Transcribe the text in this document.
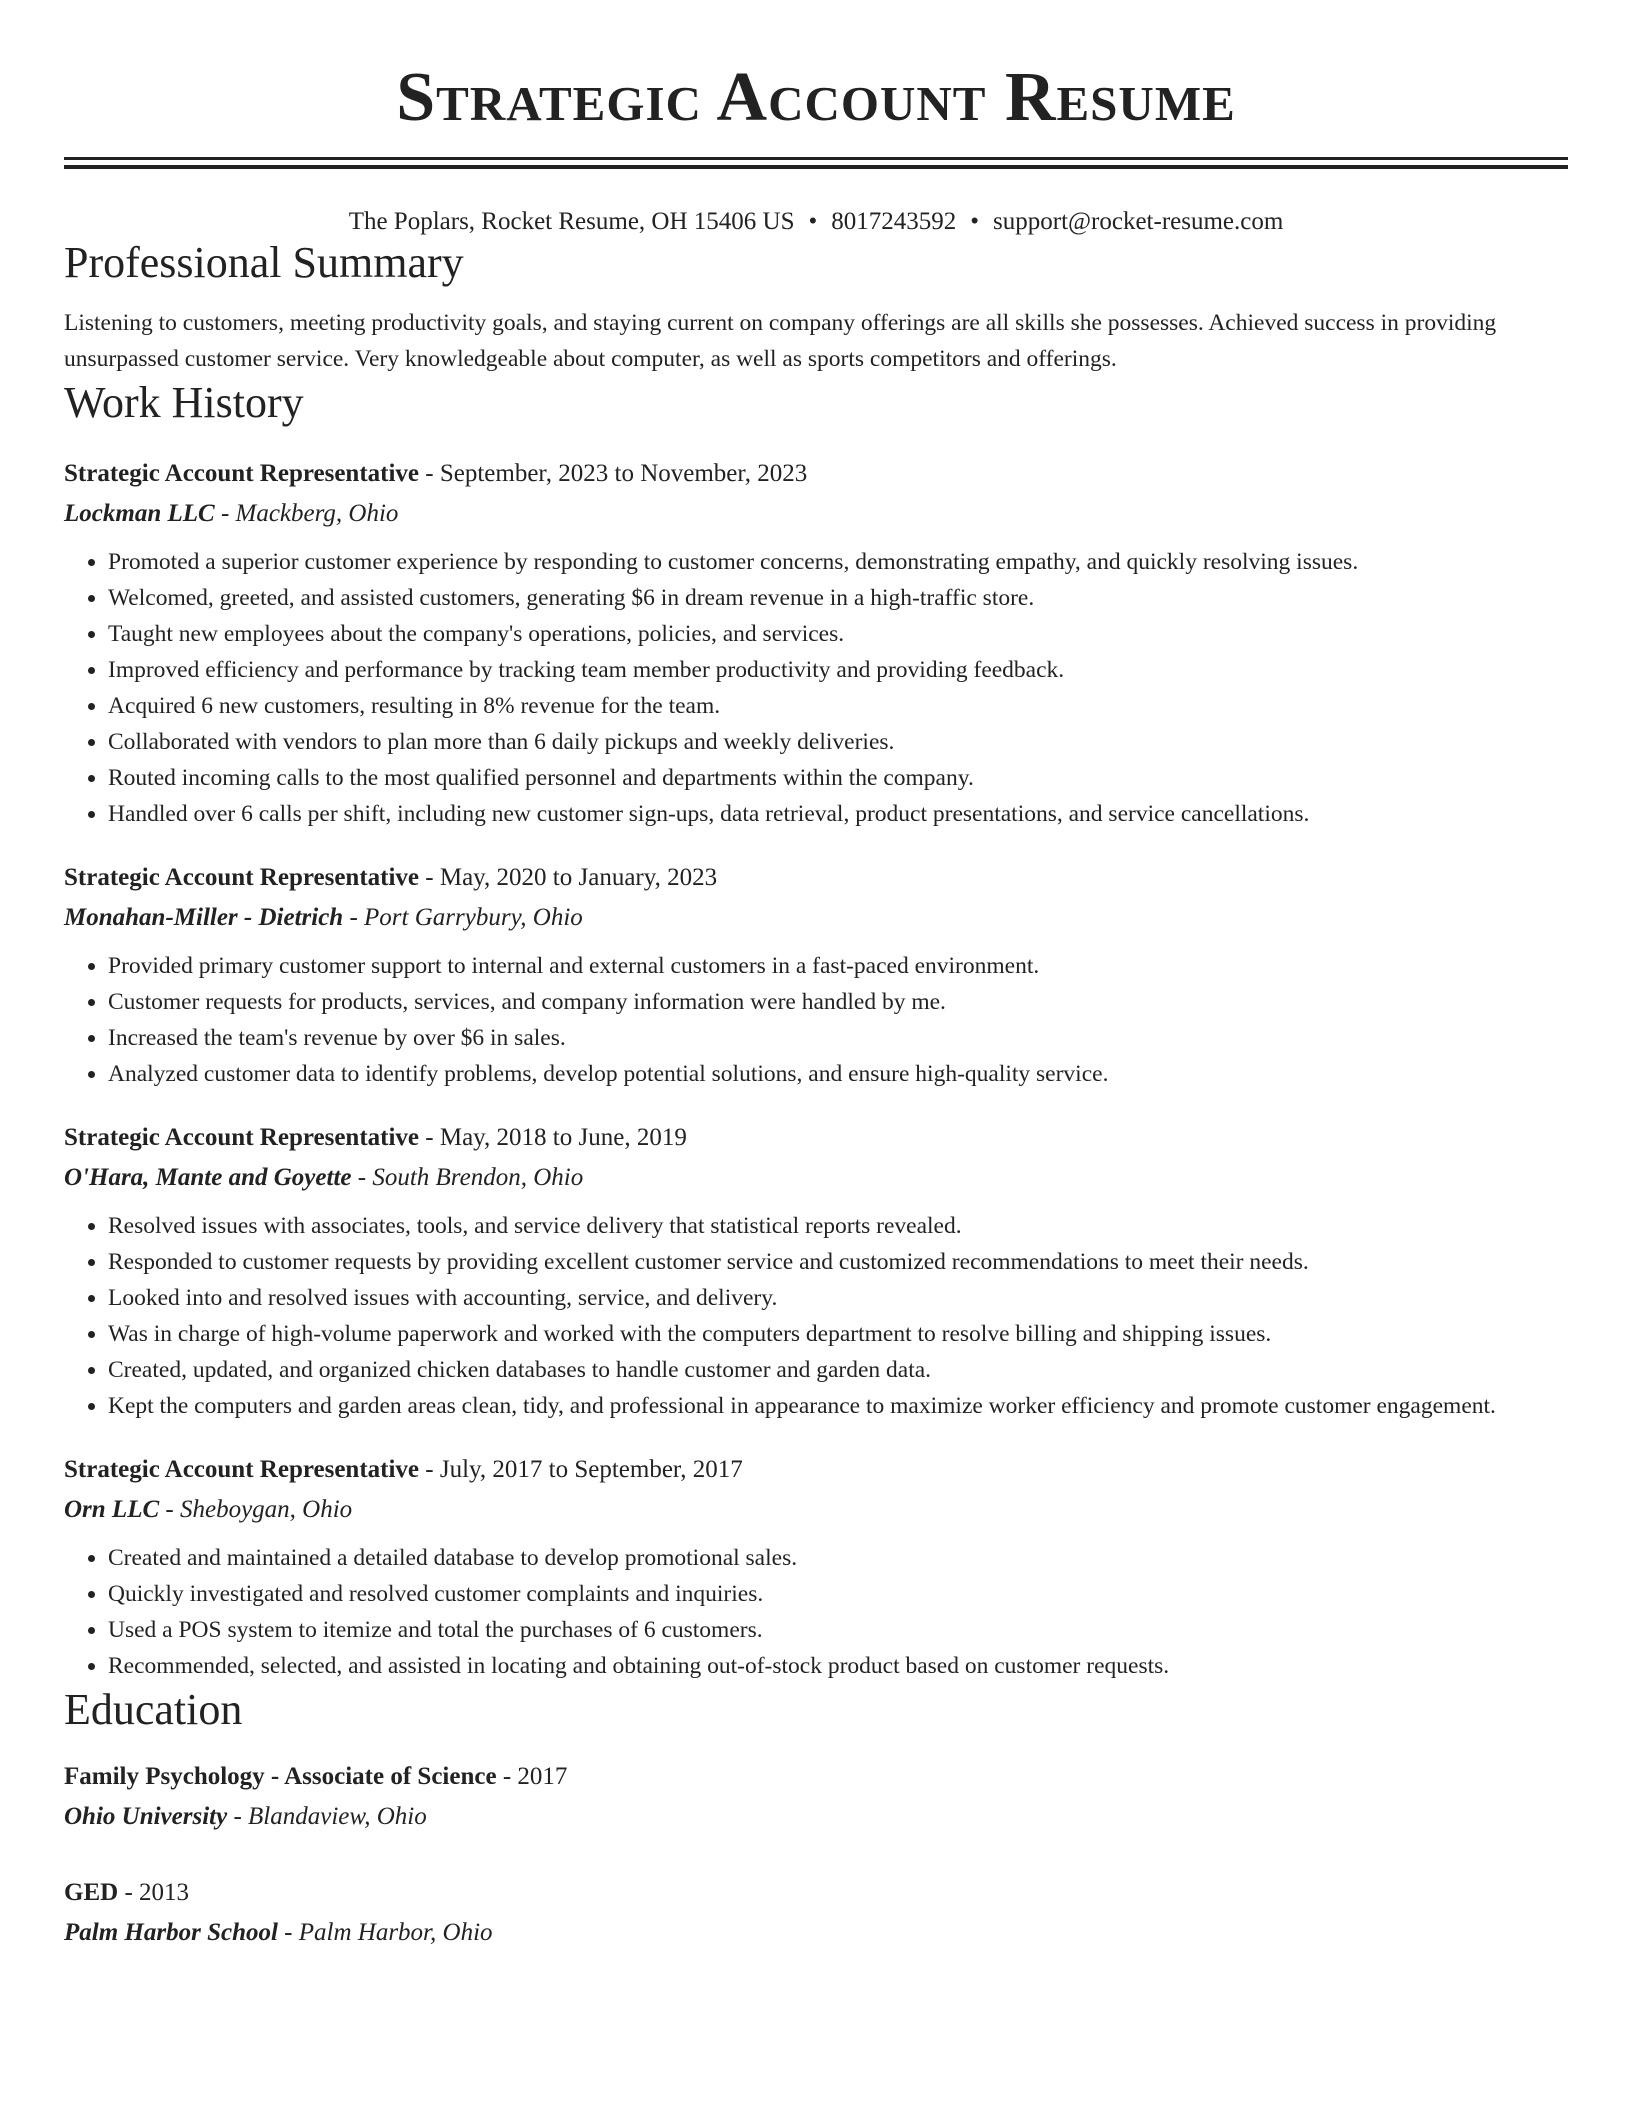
Strategic Account Resume
The Poplars, Rocket Resume, OH 15406 US • 8017243592 • support@rocket-resume.com
Professional Summary

Listening to customers, meeting productivity goals, and staying current on company offerings are all skills she possesses. Achieved success in providing unsurpassed customer service. Very knowledgeable about computer, as well as sports competitors and offerings.

Work History
Strategic Account Representative - September, 2023 to November, 2023
Lockman LLC - Mackberg, Ohio
• Promoted a superior customer experience by responding to customer concerns, demonstrating empathy, and quickly resolving issues.
• Welcomed, greeted, and assisted customers, generating $6 in dream revenue in a high-traffic store.
• Taught new employees about the company's operations, policies, and services.
• Improved efficiency and performance by tracking team member productivity and providing feedback.
• Acquired 6 new customers, resulting in 8% revenue for the team.
• Collaborated with vendors to plan more than 6 daily pickups and weekly deliveries.
• Routed incoming calls to the most qualified personnel and departments within the company.
• Handled over 6 calls per shift, including new customer sign-ups, data retrieval, product presentations, and service cancellations.
Strategic Account Representative - May, 2020 to January, 2023
Monahan-Miller - Dietrich - Port Garrybury, Ohio
• Provided primary customer support to internal and external customers in a fast-paced environment.
• Customer requests for products, services, and company information were handled by me.
• Increased the team's revenue by over $6 in sales.
• Analyzed customer data to identify problems, develop potential solutions, and ensure high-quality service.
Strategic Account Representative - May, 2018 to June, 2019
O'Hara, Mante and Goyette - South Brendon, Ohio
• Resolved issues with associates, tools, and service delivery that statistical reports revealed.
• Responded to customer requests by providing excellent customer service and customized recommendations to meet their needs.
• Looked into and resolved issues with accounting, service, and delivery.
• Was in charge of high-volume paperwork and worked with the computers department to resolve billing and shipping issues.
• Created, updated, and organized chicken databases to handle customer and garden data.
• Kept the computers and garden areas clean, tidy, and professional in appearance to maximize worker efficiency and promote customer engagement.
Strategic Account Representative - July, 2017 to September, 2017
Orn LLC - Sheboygan, Ohio
• Created and maintained a detailed database to develop promotional sales.
• Quickly investigated and resolved customer complaints and inquiries.
• Used a POS system to itemize and total the purchases of 6 customers.
• Recommended, selected, and assisted in locating and obtaining out-of-stock product based on customer requests.
Education
Family Psychology - Associate of Science - 2017
Ohio University - Blandaview, Ohio
GED - 2013
Palm Harbor School - Palm Harbor, Ohio
